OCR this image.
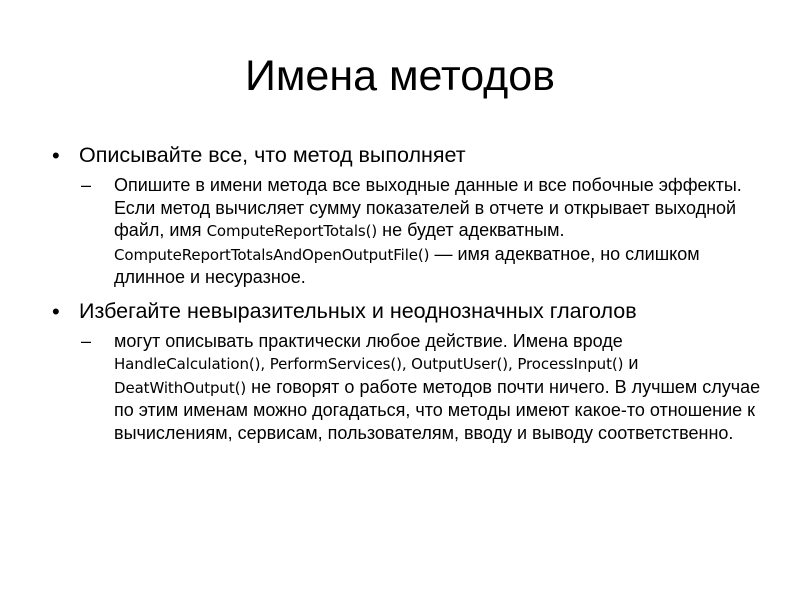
Имена методов
• Описывайте все, что метод выполняет
– Опишите в имени метода все выходные данные и все побочные эффекты. Если метод вычисляет сумму показателей в отчете и открывает выходной файл, имя ComputeReportTotals() не будет адекватным. ComputeReportTotalsAndOpenOutputFile() — имя адекватное, но слишком длинное и несуразное.
• Избегайте невыразительных и неоднозначных глаголов
– могут описывать практически любое действие. Имена вроде HandleCalculation(), PerformServices(), OutputUser(), ProcessInput() и DeatWithOutput() не говорят о работе методов почти ничего. В лучшем случае по этим именам можно догадаться, что методы имеют какое-то отношение к вычислениям, сервисам, пользователям, вводу и выводу соответственно.
